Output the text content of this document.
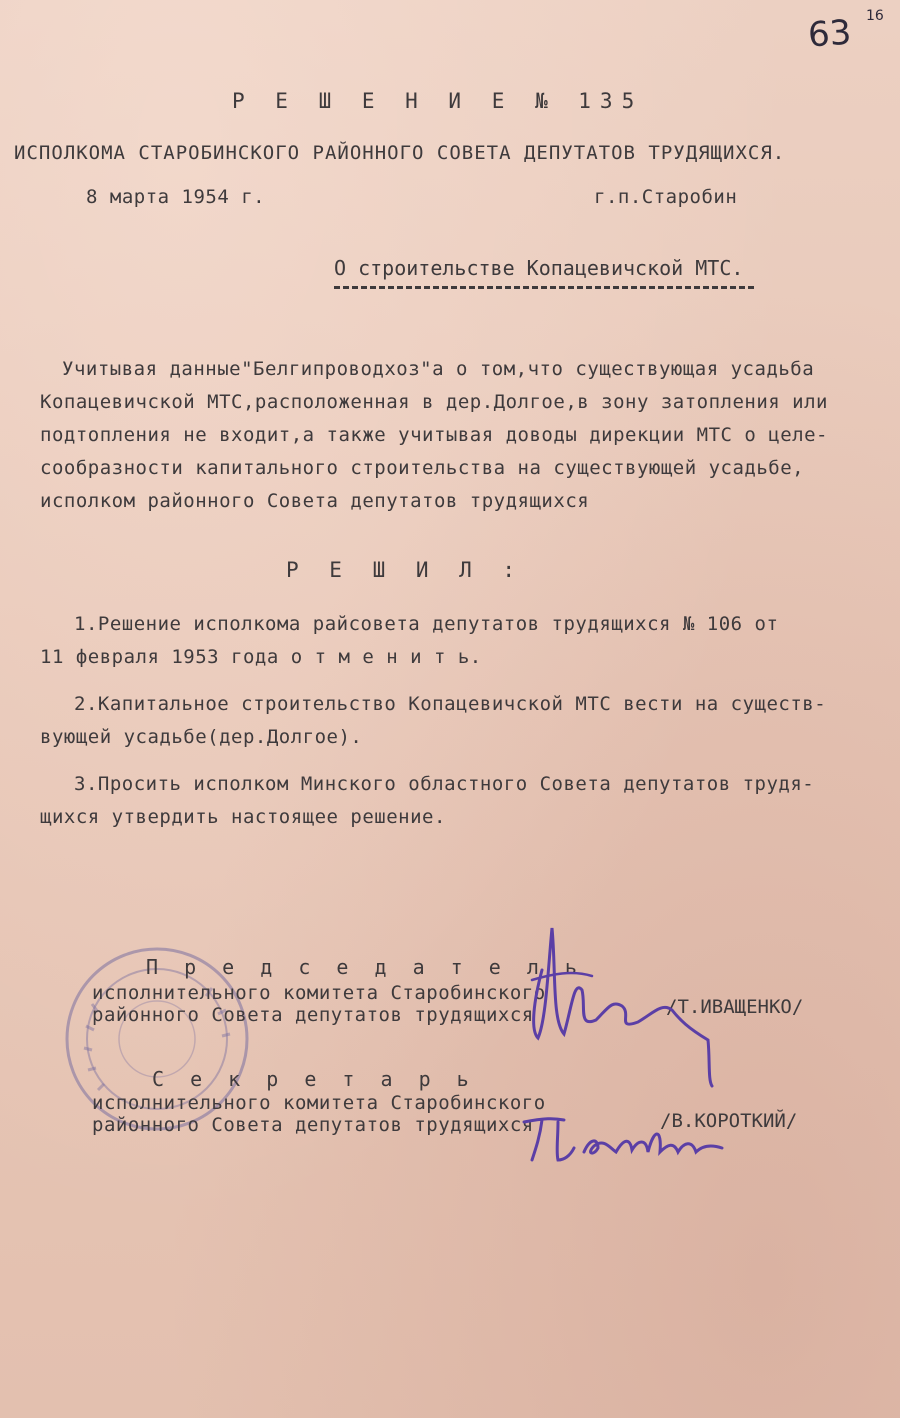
63 16
Р Е Ш Е Н И Е № 135
ИСПОЛКОМА СТАРОБИНСКОГО РАЙОННОГО СОВЕТА ДЕПУТАТОВ ТРУДЯЩИХСЯ.
8 марта 1954 г.	г.п.Старобин
О строительстве Копацевичской МТС.

Учитывая данные"Белгипроводхоз"а о том,что существующая усадьба

Копацевичской МТС,расположенная в дер.Долгое,в зону затопления или

подтопления не входит,а также учитывая доводы дирекции МТС о целе-

сообразности капитального строительства на существующей усадьбе,

исполком районного Совета депутатов трудящихся

Р Е Ш И Л :
1.Решение исполкома райсовета депутатов трудящихся № 106 от
11 февраля 1953 года о т м е н и т ь.
2.Капитальное строительство Копацевичской МТС вести на существ-
вующей усадьбе(дер.Долгое).
3.Просить исполком Минского областного Совета депутатов трудя-
щихся утвердить настоящее решение.
П р е д с е д а т е л ь
исполнительного комитета Старобинского
районного Совета депутатов трудящихся	/Т.ИВАЩЕНКО/
С е к р е т а р ь
исполнительного комитета Старобинского
районного Совета депутатов трудящихся	/В.КОРОТКИЙ/
